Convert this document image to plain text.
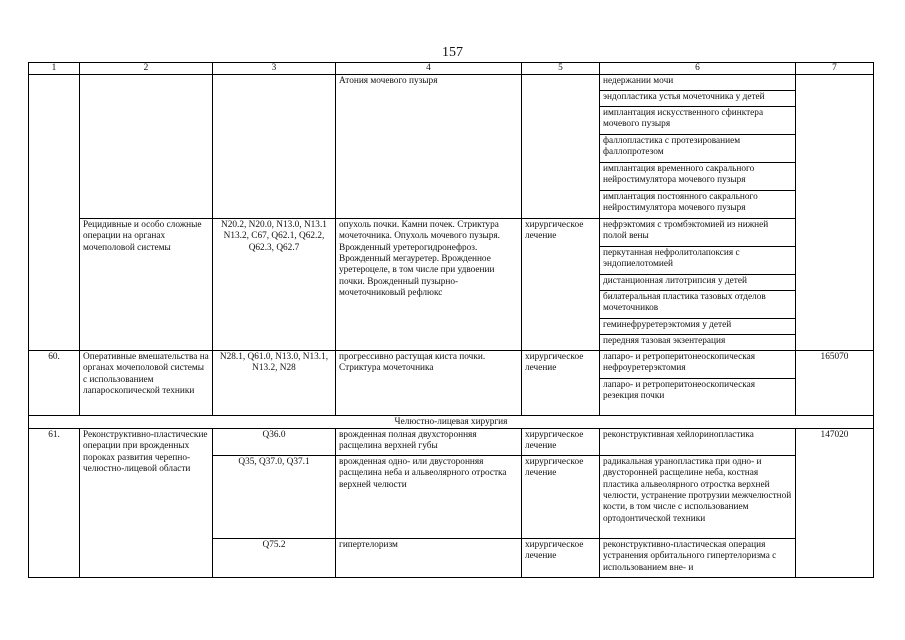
157
1	2	3	4	5	6	7
			Атония мочевого пузыря		недержании мочи	
					эндопластика устья мочеточника у детей	
					имплантация искусственного сфинктера мочевого пузыря	
					фаллопластика с протезированием фаллопротезом	
					имплантация временного сакрального нейростимулятора мочевого пузыря	
					имплантация постоянного сакрального нейростимулятора мочевого пузыря	
	Рецидивные и особо сложные операции на органах мочеполовой системы	N20.2, N20.0, N13.0, N13.1 N13.2, C67, Q62.1, Q62.2, Q62.3, Q62.7	опухоль почки. Камни почек. Стриктура мочеточника. Опухоль мочевого пузыря. Врожденный уретерогидронефроз. Врожденный мегауретер. Врожденное уретероцеле, в том числе при удвоении почки. Врожденный пузырно-мочеточниковый рефлюкс	хирургическое лечение	нефрэктомия с тромбэктомией из нижней полой вены	
					перкутанная нефролитолапоксия с эндопиелотомией	
					дистанционная литотрипсия у детей	
					билатеральная пластика тазовых отделов мочеточников	
					геминефруретерэктомия у детей	
					передняя тазовая экзентерация	
60.	Оперативные вмешательства на органах мочеполовой системы с использованием лапароскопической техники	N28.1, Q61.0, N13.0, N13.1, N13.2, N28	прогрессивно растущая киста почки. Стриктура мочеточника	хирургическое лечение	лапаро- и ретроперитонеоскопическая нефроуретерэктомия	165070
					лапаро- и ретроперитонеоскопическая резекция почки	
Челюстно-лицевая хирургия						
61.	Реконструктивно-пластические операции при врожденных пороках развития черепно-челюстно-лицевой области	Q36.0	врожденная полная двухсторонняя расщелина верхней губы	хирургическое лечение	реконструктивная хейлоринопластика	147020
		Q35, Q37.0, Q37.1	врожденная одно- или двусторонняя расщелина неба и альвеолярного отростка верхней челюсти	хирургическое лечение	радикальная уранопластика при одно- и двусторонней расщелине неба, костная пластика альвеолярного отростка верхней челюсти, устранение протрузии межчелюстной кости, в том числе с использованием ортодонтической техники	
		Q75.2	гипертелоризм	хирургическое лечение	реконструктивно-пластическая операция устранения орбитального гипертелоризма с использованием вне- и	
